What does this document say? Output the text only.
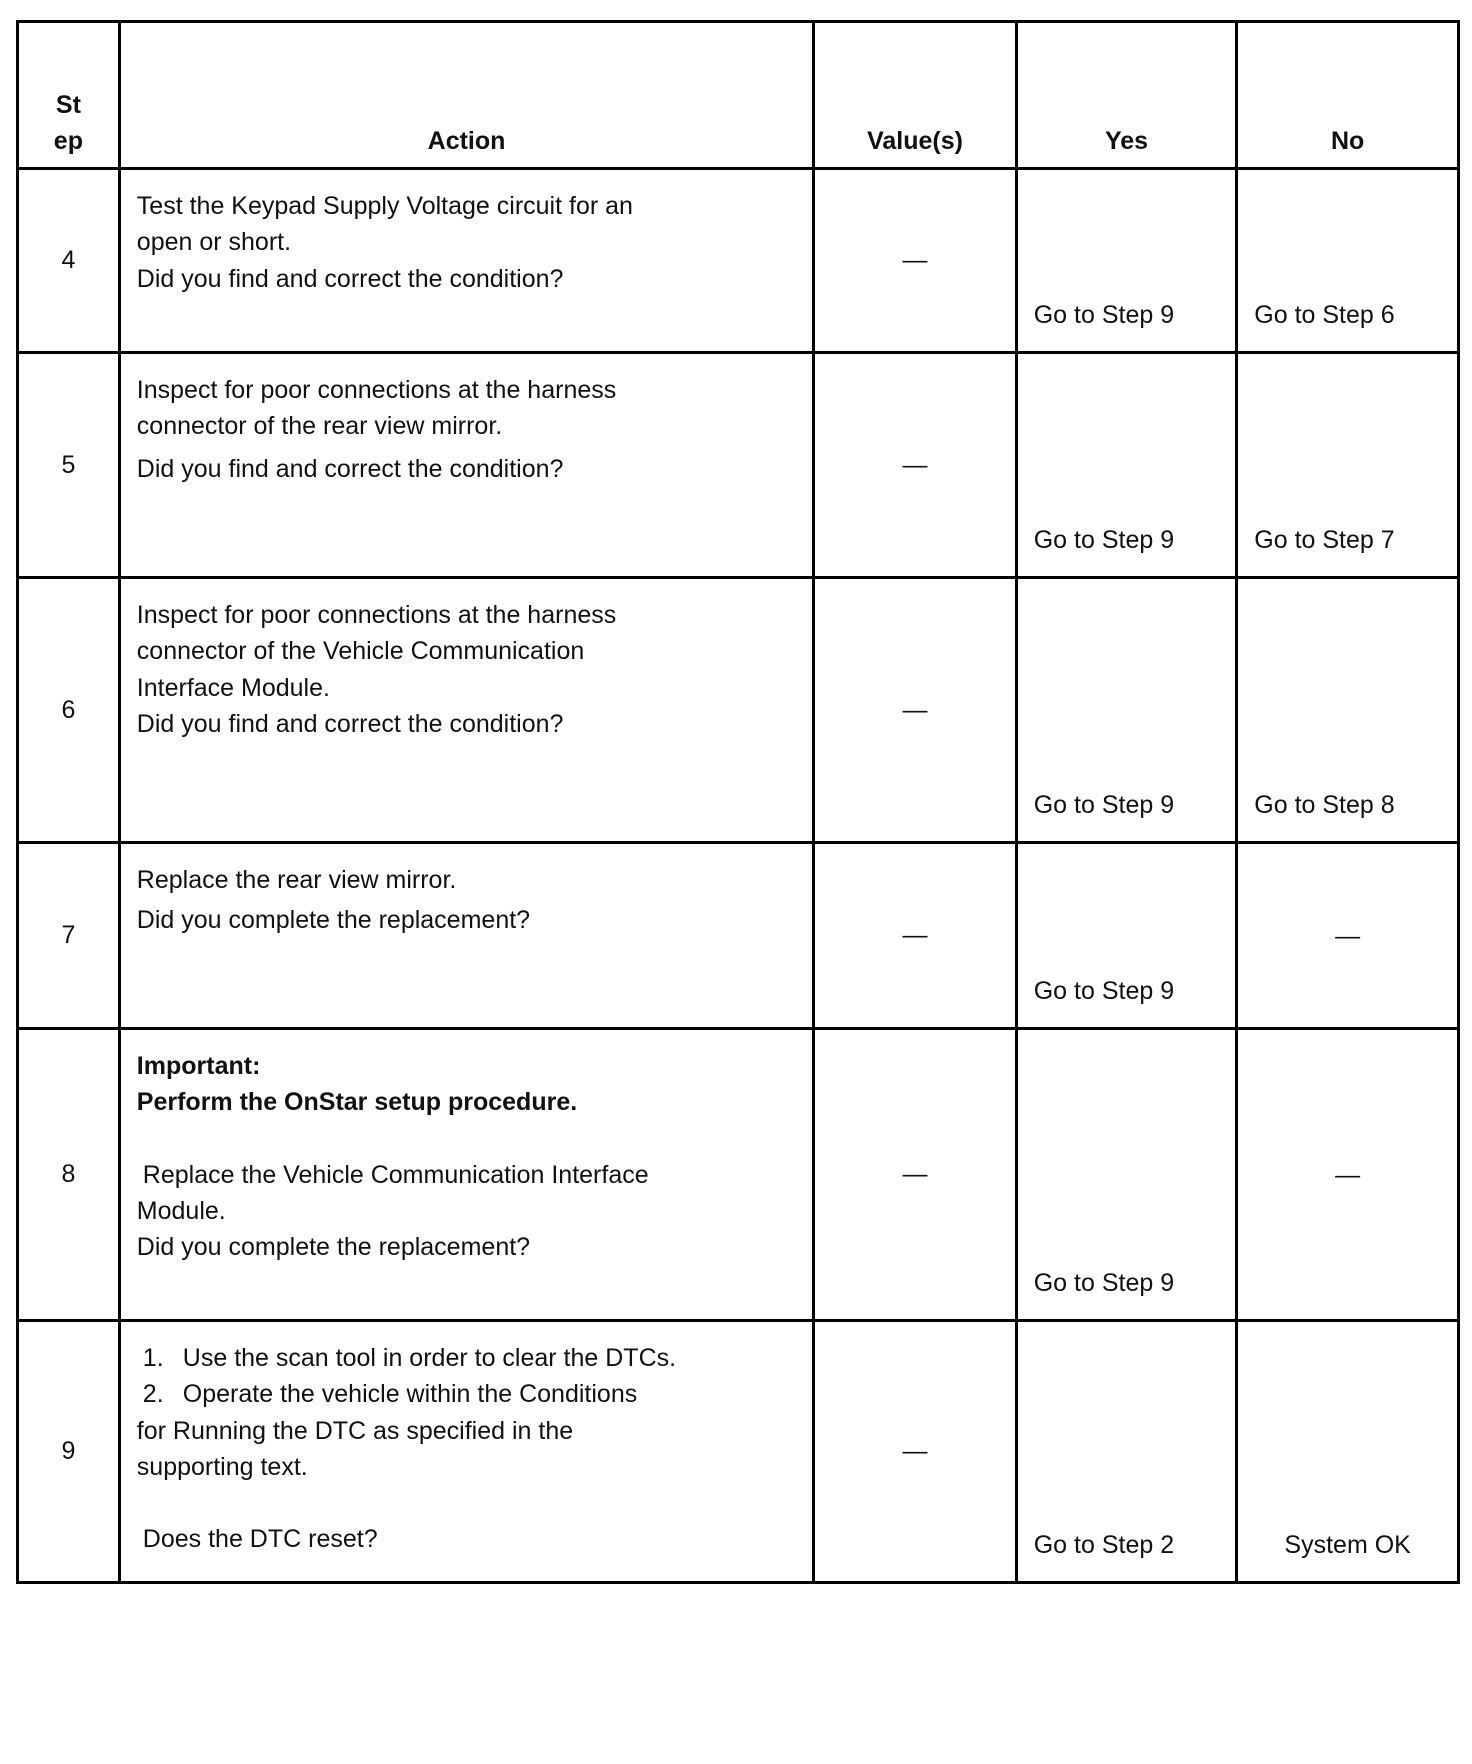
St
ep	Action	Value(s)	Yes	No
4	Test the Keypad Supply Voltage circuit for an
open or short.
Did you find and correct the condition?	—	Go to Step 9	Go to Step 6

5	Inspect for poor connections at the harness
connector of the rear view mirror.
Did you find and correct the condition?	—	Go to Step 9	Go to Step 7

6	Inspect for poor connections at the harness
connector of the Vehicle Communication
Interface Module.
Did you find and correct the condition?	—	Go to Step 9	Go to Step 8

7	Replace the rear view mirror.
Did you complete the replacement?	—	Go to Step 9	—

8	Important:
Perform the OnStar setup procedure.
Replace the Vehicle Communication Interface
Module.
Did you complete the replacement?	—	Go to Step 9	—

9	1. Use the scan tool in order to clear the DTCs.
2. Operate the vehicle within the Conditions
for Running the DTC as specified in the
supporting text.
Does the DTC reset?	—	Go to Step 2	System OK
